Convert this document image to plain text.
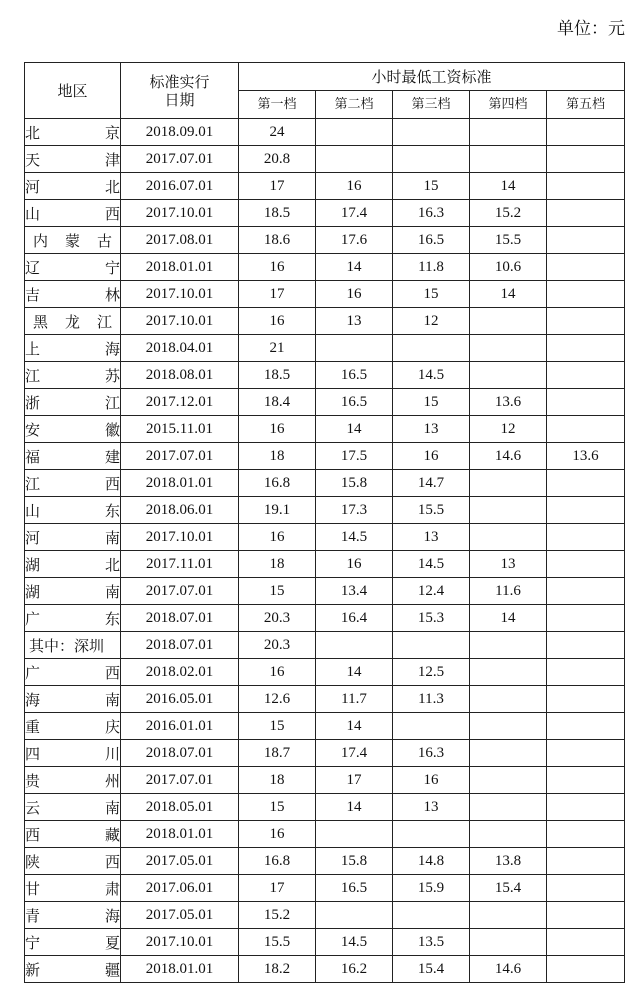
单位：元
地区	标准实行
日期	小时最低工资标准				
		第一档	第二档	第三档	第四档	第五档
北京	2018.09.01	24				
天津	2017.07.01	20.8				
河北	2016.07.01	17	16	15	14	
山西	2017.10.01	18.5	17.4	16.3	15.2	
内蒙古	2017.08.01	18.6	17.6	16.5	15.5	
辽宁	2018.01.01	16	14	11.8	10.6	
吉林	2017.10.01	17	16	15	14	
黑龙江	2017.10.01	16	13	12		
上海	2018.04.01	21				
江苏	2018.08.01	18.5	16.5	14.5		
浙江	2017.12.01	18.4	16.5	15	13.6	
安徽	2015.11.01	16	14	13	12	
福建	2017.07.01	18	17.5	16	14.6	13.6
江西	2018.01.01	16.8	15.8	14.7		
山东	2018.06.01	19.1	17.3	15.5		
河南	2017.10.01	16	14.5	13		
湖北	2017.11.01	18	16	14.5	13	
湖南	2017.07.01	15	13.4	12.4	11.6	
广东	2018.07.01	20.3	16.4	15.3	14	
其中：深圳	2018.07.01	20.3				
广西	2018.02.01	16	14	12.5		
海南	2016.05.01	12.6	11.7	11.3		
重庆	2016.01.01	15	14			
四川	2018.07.01	18.7	17.4	16.3		
贵州	2017.07.01	18	17	16		
云南	2018.05.01	15	14	13		
西藏	2018.01.01	16				
陕西	2017.05.01	16.8	15.8	14.8	13.8	
甘肃	2017.06.01	17	16.5	15.9	15.4	
青海	2017.05.01	15.2				
宁夏	2017.10.01	15.5	14.5	13.5		
新疆	2018.01.01	18.2	16.2	15.4	14.6	
